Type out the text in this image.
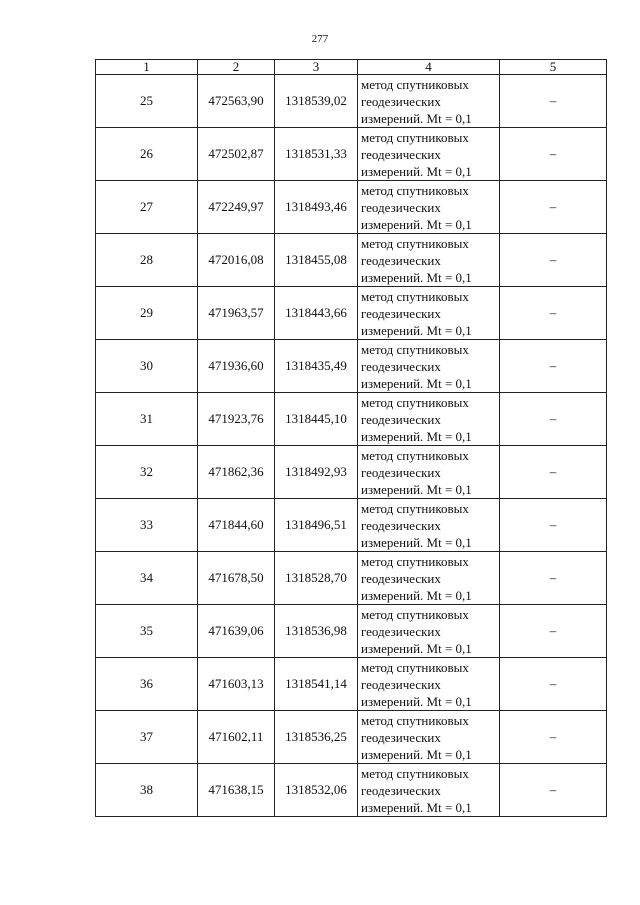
277
1	2	3	4	5
25	472563,90	1318539,02	метод спутниковых
геодезических
измерений. Mt = 0,1	–
26	472502,87	1318531,33	метод спутниковых
геодезических
измерений. Mt = 0,1	–
27	472249,97	1318493,46	метод спутниковых
геодезических
измерений. Mt = 0,1	–
28	472016,08	1318455,08	метод спутниковых
геодезических
измерений. Mt = 0,1	–
29	471963,57	1318443,66	метод спутниковых
геодезических
измерений. Mt = 0,1	–
30	471936,60	1318435,49	метод спутниковых
геодезических
измерений. Mt = 0,1	–
31	471923,76	1318445,10	метод спутниковых
геодезических
измерений. Mt = 0,1	–
32	471862,36	1318492,93	метод спутниковых
геодезических
измерений. Mt = 0,1	–
33	471844,60	1318496,51	метод спутниковых
геодезических
измерений. Mt = 0,1	–
34	471678,50	1318528,70	метод спутниковых
геодезических
измерений. Mt = 0,1	–
35	471639,06	1318536,98	метод спутниковых
геодезических
измерений. Mt = 0,1	–
36	471603,13	1318541,14	метод спутниковых
геодезических
измерений. Mt = 0,1	–
37	471602,11	1318536,25	метод спутниковых
геодезических
измерений. Mt = 0,1	–
38	471638,15	1318532,06	метод спутниковых
геодезических
измерений. Mt = 0,1	–
